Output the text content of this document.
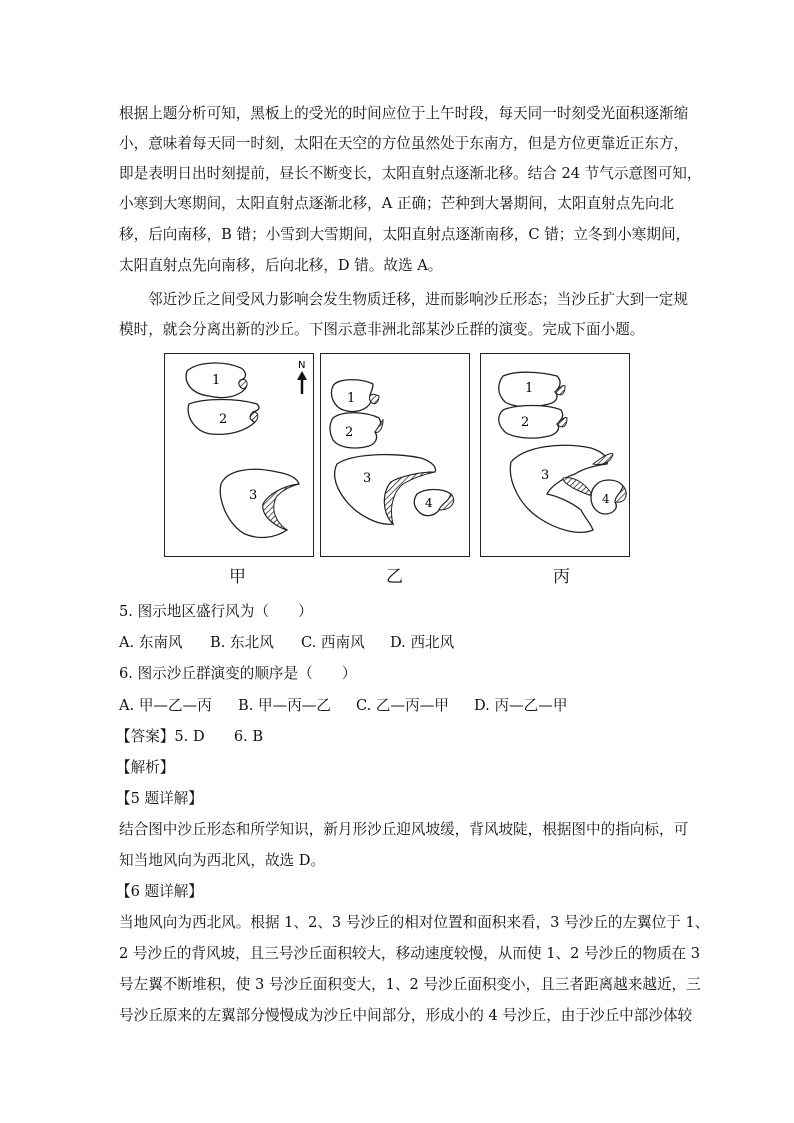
根据上题分析可知，黑板上的受光的时间应位于上午时段，每天同一时刻受光面积逐渐缩
小，意味着每天同一时刻，太阳在天空的方位虽然处于东南方，但是方位更靠近正东方，
即是表明日出时刻提前，昼长不断变长，太阳直射点逐渐北移。结合 24 节气示意图可知，
小寒到大寒期间，太阳直射点逐渐北移，A 正确；芒种到大暑期间，太阳直射点先向北
移，后向南移，B 错；小雪到大雪期间，太阳直射点逐渐南移，C 错；立冬到小寒期间，
太阳直射点先向南移，后向北移，D 错。故选 A。
邻近沙丘之间受风力影响会发生物质迁移，进而影响沙丘形态；当沙丘扩大到一定规
模时，就会分离出新的沙丘。下图示意非洲北部某沙丘群的演变。完成下面小题。
1
2
3
N
甲
1
2
3
4
乙
1
2
3
4
丙
5. 图示地区盛行风为（　　）
A. 东南风 B. 东北风 C. 西南风 D. 西北风
6. 图示沙丘群演变的顺序是（　　）
A. 甲—乙—丙 B. 甲—丙—乙 C. 乙—丙—甲 D. 丙—乙—甲
【答案】5. D　　6. B
【解析】
【5 题详解】
结合图中沙丘形态和所学知识，新月形沙丘迎风坡缓，背风坡陡，根据图中的指向标，可
知当地风向为西北风，故选 D。
【6 题详解】
当地风向为西北风。根据 1、2、3 号沙丘的相对位置和面积来看，3 号沙丘的左翼位于 1、
2 号沙丘的背风坡，且三号沙丘面积较大，移动速度较慢，从而使 1、2 号沙丘的物质在 3
号左翼不断堆积，使 3 号沙丘面积变大，1、2 号沙丘面积变小，且三者距离越来越近，三
号沙丘原来的左翼部分慢慢成为沙丘中间部分，形成小的 4 号沙丘，由于沙丘中部沙体较
